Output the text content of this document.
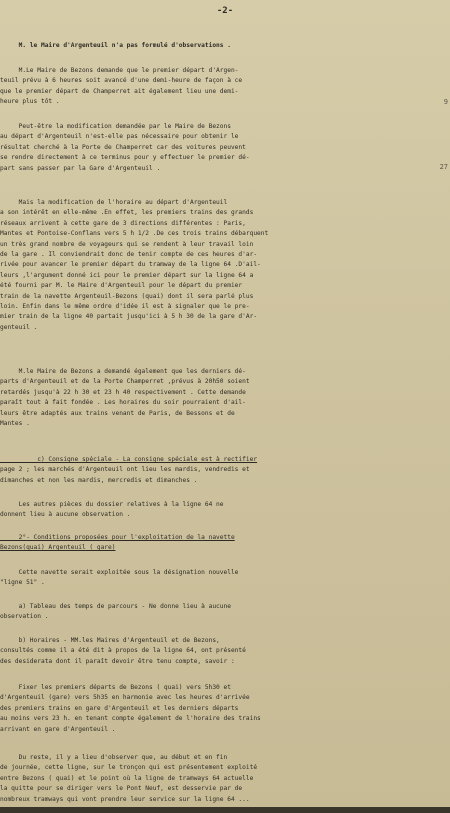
-2-
9
27
M. le Maire d'Argenteuil n'a pas formulé d'observations .
M.Le Maire de Bezons demande que le premier départ d'Argen-
teuil prévu à 6 heures soit avancé d'une demi-heure de façon à ce
que le premier départ de Champerret ait également lieu une demi-
heure plus tôt .
Peut-être la modification demandée par le Maire de Bezons
au départ d'Argenteuil n'est-elle pas nécessaire pour obtenir le
résultat cherché à la Porte de Champerret car des voitures peuvent
se rendre directement à ce terminus pour y effectuer le premier dé-
part sans passer par la Gare d'Argenteuil .
Mais la modification de l'horaire au départ d'Argenteuil
a son intérêt en elle-même .En effet, les premiers trains des grands
réseaux arrivent à cette gare de 3 directions différentes : Paris,
Mantes et Pontoise-Conflans vers 5 h 1/2 .De ces trois trains débarquent
un très grand nombre de voyageurs qui se rendent à leur travail loin
de la gare . Il conviendrait donc de tenir compte de ces heures d'ar-
rivée pour avancer le premier départ du tramway de la ligne 64 .D'ail-
leurs ,l'argument donné ici pour le premier départ sur la ligne 64 a
été fourni par M. le Maire d'Argenteuil pour le départ du premier
train de la navette Argenteuil-Bezons (quai) dont il sera parlé plus
loin. Enfin dans le même ordre d'idée il est à signaler que le pre-
mier train de la ligne 40 partait jusqu'ici à 5 h 30 de la gare d'Ar-
genteuil .
M.le Maire de Bezons a demandé également que les derniers dé-
parts d'Argenteuil et de la Porte Champerret ,prévus à 20h50 soient
retardés jusqu'à 22 h 30 et 23 h 40 respectivement . Cette demande
paraît tout à fait fondée . Les horaires du soir pourraient d'ail-
leurs être adaptés aux trains venant de Paris, de Bessons et de
Mantes .
c) Consigne spéciale - La consigne spéciale est à rectifier
page 2 ; les marchés d'Argenteuil ont lieu les mardis, vendredis et
dimanches et non les mardis, mercredis et dimanches .
Les autres pièces du dossier relatives à la ligne 64 ne
donnent lieu à aucune observation .
2°- Conditions proposées pour l'exploitation de la navette
Bezons(quai) Argenteuil ( gare)
Cette navette serait exploitée sous la désignation nouvelle
"ligne 51" .
a) Tableau des temps de parcours - Ne donne lieu à aucune
observation .
b) Horaires - MM.les Maires d'Argenteuil et de Bezons,
consultés comme il a été dit à propos de la ligne 64, ont présenté
des desiderata dont il paraît devoir être tenu compte, savoir :
Fixer les premiers départs de Bezons ( quai) vers 5h30 et
d'Argenteuil (gare) vers 5h35 en harmonie avec les heures d'arrivée
des premiers trains en gare d'Argenteuil et les derniers départs
au moins vers 23 h. en tenant compte également de l'horaire des trains
arrivant en gare d'Argenteuil .
Du reste, il y a lieu d'observer que, au début et en fin
de journée, cette ligne, sur le tronçon qui est présentement exploité
entre Bezons ( quai) et le point où la ligne de tramways 64 actuelle
la quitte pour se diriger vers le Pont Neuf, est desservie par de
nombreux tramways qui vont prendre leur service sur la ligne 64 ...
